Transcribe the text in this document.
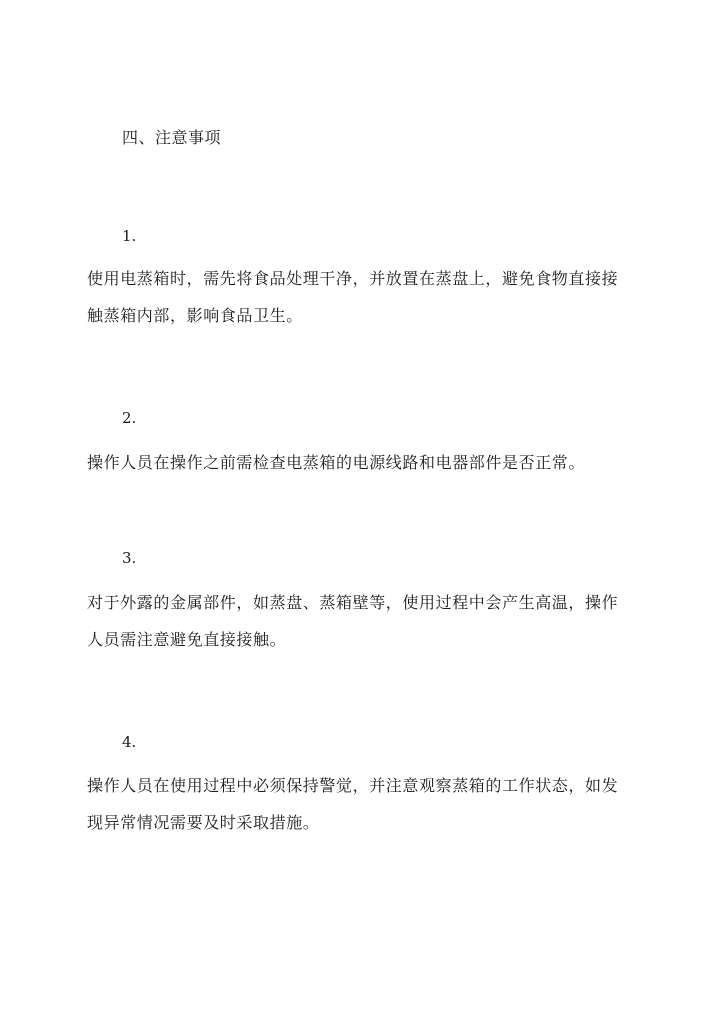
四、注意事项
1.
使用电蒸箱时，需先将食品处理干净，并放置在蒸盘上，避免食物直接接
触蒸箱内部，影响食品卫生。
2.
操作人员在操作之前需检查电蒸箱的电源线路和电器部件是否正常。
3.
对于外露的金属部件，如蒸盘、蒸箱壁等，使用过程中会产生高温，操作
人员需注意避免直接接触。
4.
操作人员在使用过程中必须保持警觉，并注意观察蒸箱的工作状态，如发
现异常情况需要及时采取措施。
